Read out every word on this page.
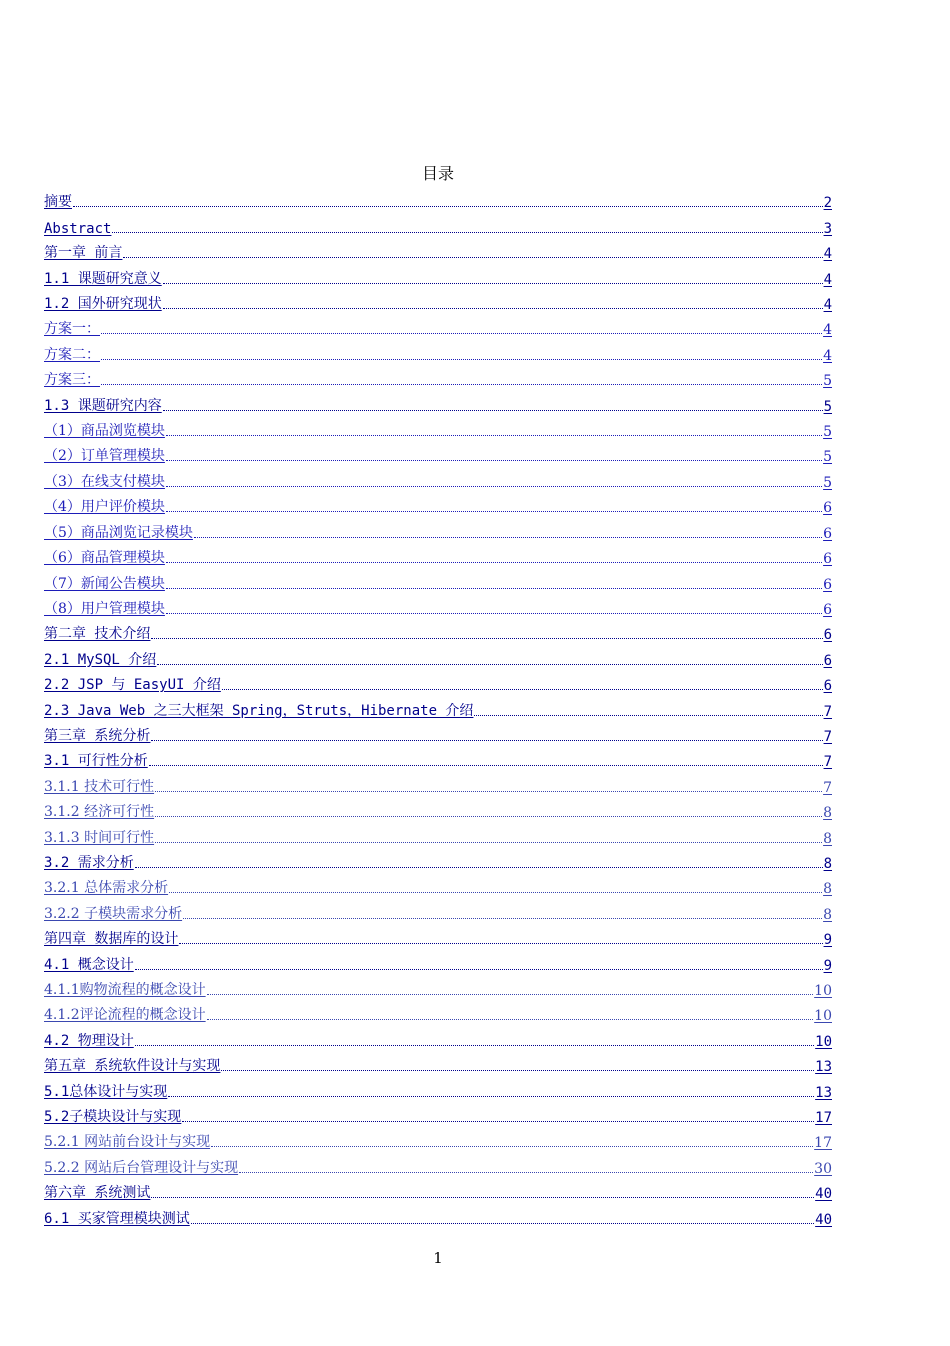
目录
摘要	2
Abstract	3
第一章 前言	4
1.1 课题研究意义	4
1.2 国外研究现状	4
方案一：	4
方案二：	4
方案三：	5
1.3 课题研究内容	5
（1）商品浏览模块	5
（2）订单管理模块	5
（3）在线支付模块	5
（4）用户评价模块	6
（5）商品浏览记录模块	6
（6）商品管理模块	6
（7）新闻公告模块	6
（8）用户管理模块	6
第二章 技术介绍	6
2.1 MySQL 介绍	6
2.2 JSP 与 EasyUI 介绍	6
2.3 Java Web 之三大框架 Spring，Struts，Hibernate 介绍	7
第三章 系统分析	7
3.1 可行性分析	7
3.1.1 技术可行性	7
3.1.2 经济可行性	8
3.1.3 时间可行性	8
3.2 需求分析	8
3.2.1 总体需求分析	8
3.2.2 子模块需求分析	8
第四章 数据库的设计	9
4.1 概念设计	9
4.1.1购物流程的概念设计	10
4.1.2评论流程的概念设计	10
4.2 物理设计	10
第五章 系统软件设计与实现	13
5.1总体设计与实现	13
5.2子模块设计与实现	17
5.2.1 网站前台设计与实现	17
5.2.2 网站后台管理设计与实现	30
第六章 系统测试	40
6.1 买家管理模块测试	40
1
